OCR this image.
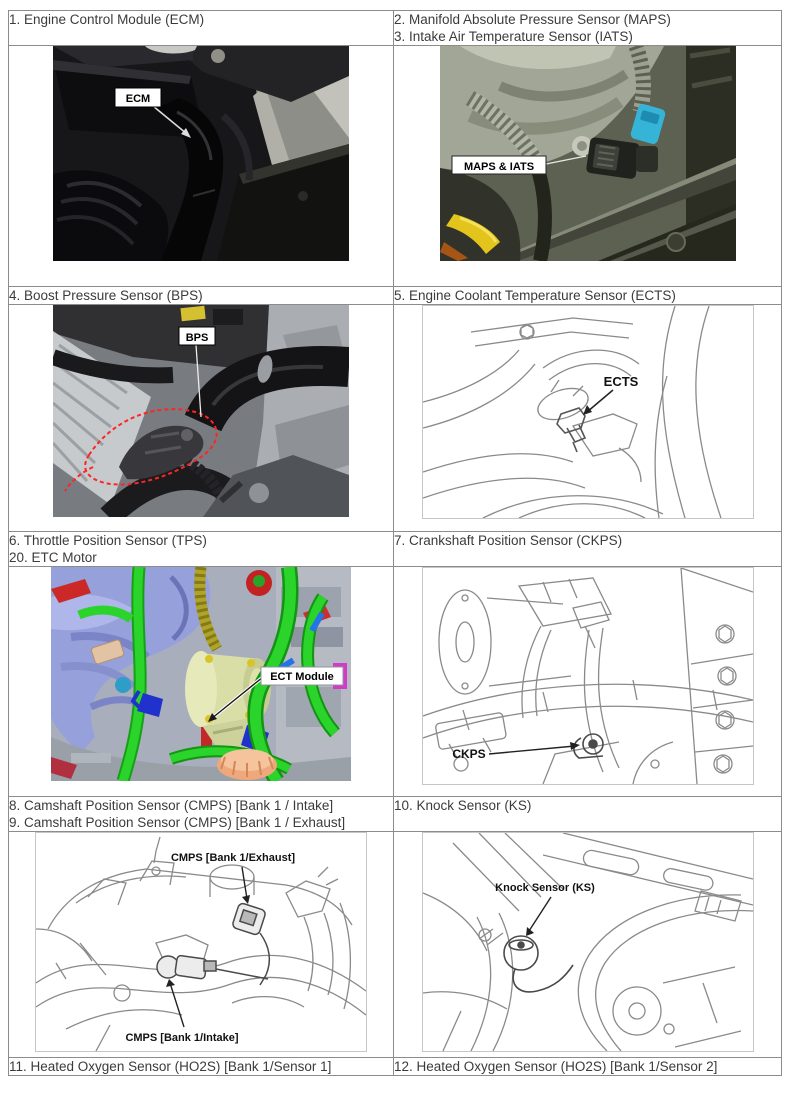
1. Engine Control Module (ECM)	2. Manifold Absolute Pressure Sensor (MAPS)
3. Intake Air Temperature Sensor (IATS)

ECM	MAPS & IATS

4. Boost Pressure Sensor (BPS)	5. Engine Coolant Temperature Sensor (ECTS)

BPS	ECTS

6. Throttle Position Sensor (TPS)
20. ETC Motor	7. Crankshaft Position Sensor (CKPS)

ECT Module	CKPS

8. Camshaft Position Sensor (CMPS) [Bank 1 / Intake]
9. Camshaft Position Sensor (CMPS) [Bank 1 / Exhaust]	10. Knock Sensor (KS)

CMPS [Bank 1/Exhaust]
CMPS [Bank 1/Intake]	Knock Sensor (KS)

11. Heated Oxygen Sensor (HO2S) [Bank 1/Sensor 1]	12. Heated Oxygen Sensor (HO2S) [Bank 1/Sensor 2]
